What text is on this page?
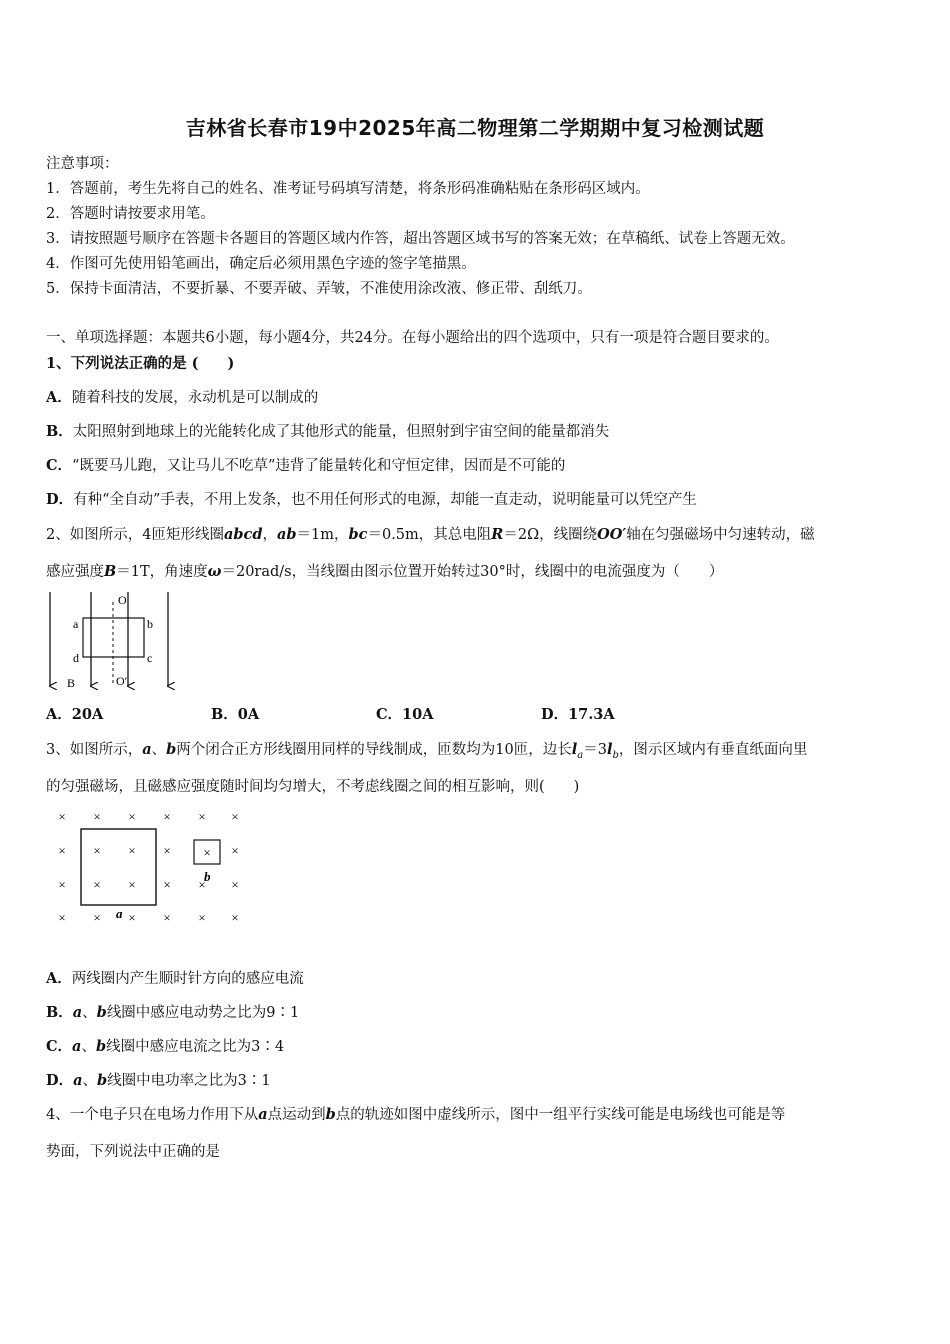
吉林省长春市19中2025年高二物理第二学期期中复习检测试题
注意事项：
1．答题前，考生先将自己的姓名、准考证号码填写清楚，将条形码准确粘贴在条形码区域内。
2．答题时请按要求用笔。
3．请按照题号顺序在答题卡各题目的答题区域内作答，超出答题区域书写的答案无效；在草稿纸、试卷上答题无效。
4．作图可先使用铅笔画出，确定后必须用黑色字迹的签字笔描黑。
5．保持卡面清洁，不要折暴、不要弄破、弄皱，不准使用涂改液、修正带、刮纸刀。
一、单项选择题：本题共6小题，每小题4分，共24分。在每小题给出的四个选项中，只有一项是符合题目要求的。
1、下列说法正确的是 (　　)
A．随着科技的发展，永动机是可以制成的
B．太阳照射到地球上的光能转化成了其他形式的能量，但照射到宇宙空间的能量都消失
C．“既要马儿跑，又让马儿不吃草”违背了能量转化和守恒定律，因而是不可能的
D．有种“全自动”手表，不用上发条，也不用任何形式的电源，却能一直走动，说明能量可以凭空产生
2、如图所示，4匝矩形线圈abcd，ab＝1m，bc＝0.5m，其总电阻R＝2Ω，线圈绕OO′轴在匀强磁场中匀速转动，磁
感应强度B＝1T，角速度ω＝20rad/s，当线圈由图示位置开始转过30°时，线圈中的电流强度为（　　）
O
O′
a	b
c
d
B
A．20A	B．0A	C．10A	D．17.3A
3、如图所示，a、b两个闭合正方形线圈用同样的导线制成，匝数均为10匝，边长$l_a=3l_b$，图示区域内有垂直纸面向里
的匀强磁场，且磁感应强度随时间均匀增大，不考虑线圈之间的相互影响，则(　　)
× × × × × ×
× × × ×	×
× × × ×	×
× × × × × ×
×
×
a
b
A．两线圈内产生顺时针方向的感应电流
B．a、b线圈中感应电动势之比为9∶1
C．a、b线圈中感应电流之比为3∶4
D．a、b线圈中电功率之比为3∶1
4、一个电子只在电场力作用下从a点运动到b点的轨迹如图中虚线所示，图中一组平行实线可能是电场线也可能是等
势面，下列说法中正确的是
